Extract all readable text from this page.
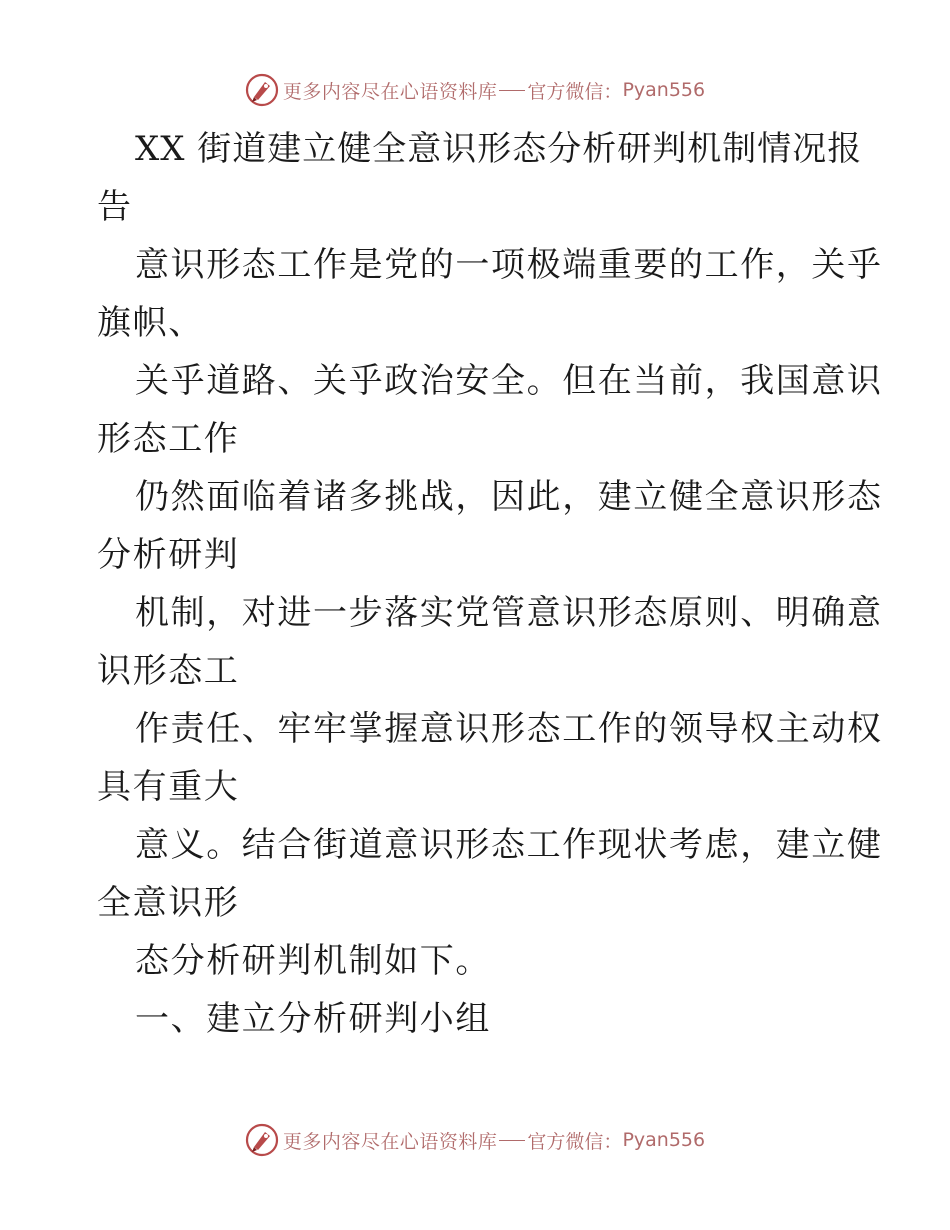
更多内容尽在心语资料库 官方微信： Pyan556
XX 街道建立健全意识形态分析研判机制情况报
告
意识形态工作是党的一项极端重要的工作，关乎
旗帜、
关乎道路、关乎政治安全。但在当前，我国意识
形态工作
仍然面临着诸多挑战，因此，建立健全意识形态
分析研判
机制，对进一步落实党管意识形态原则、明确意
识形态工
作责任、牢牢掌握意识形态工作的领导权主动权
具有重大
意义。结合街道意识形态工作现状考虑，建立健
全意识形
态分析研判机制如下。
一、建立分析研判小组
更多内容尽在心语资料库 官方微信： Pyan556
